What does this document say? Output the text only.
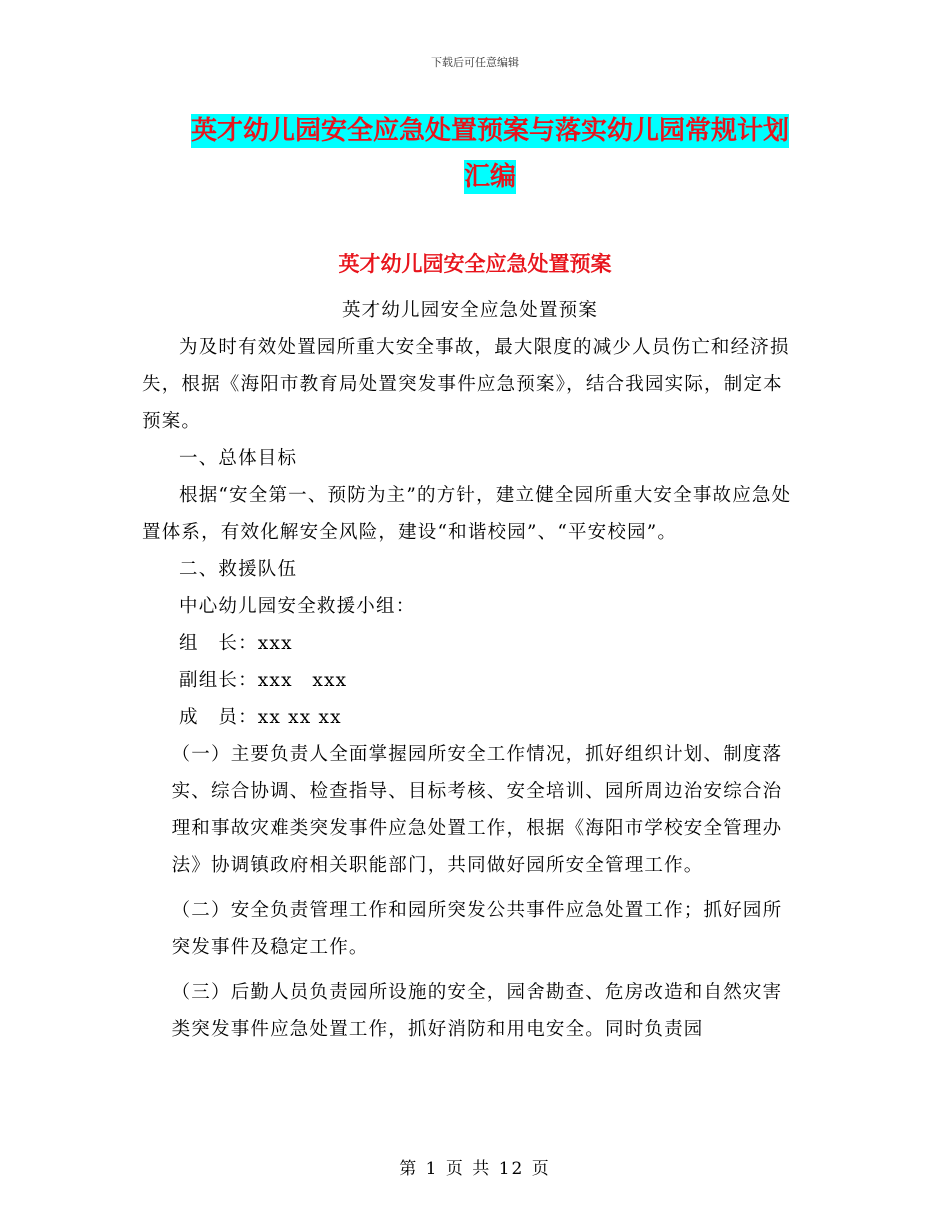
下载后可任意编辑
英才幼儿园安全应急处置预案与落实幼儿园常规计划
汇编
英才幼儿园安全应急处置预案

英才幼儿园安全应急处置预案

为及时有效处置园所重大安全事故，最大限度的减少人员伤亡和经济损失，根据《海阳市教育局处置突发事件应急预案》，结合我园实际，制定本预案。

一、总体目标

根据“安全第一、预防为主”的方针，建立健全园所重大安全事故应急处置体系，有效化解安全风险，建设“和谐校园”、“平安校园”。

二、救援队伍

中心幼儿园安全救援小组：

组　长：xxx

副组长：xxx　xxx

成　员：xx xx xx

（一）主要负责人全面掌握园所安全工作情况，抓好组织计划、制度落实、综合协调、检查指导、目标考核、安全培训、园所周边治安综合治理和事故灾难类突发事件应急处置工作，根据《海阳市学校安全管理办法》协调镇政府相关职能部门，共同做好园所安全管理工作。

（二）安全负责管理工作和园所突发公共事件应急处置工作；抓好园所突发事件及稳定工作。

（三）后勤人员负责园所设施的安全，园舍勘查、危房改造和自然灾害类突发事件应急处置工作，抓好消防和用电安全。同时负责园

第 1 页 共 12 页
